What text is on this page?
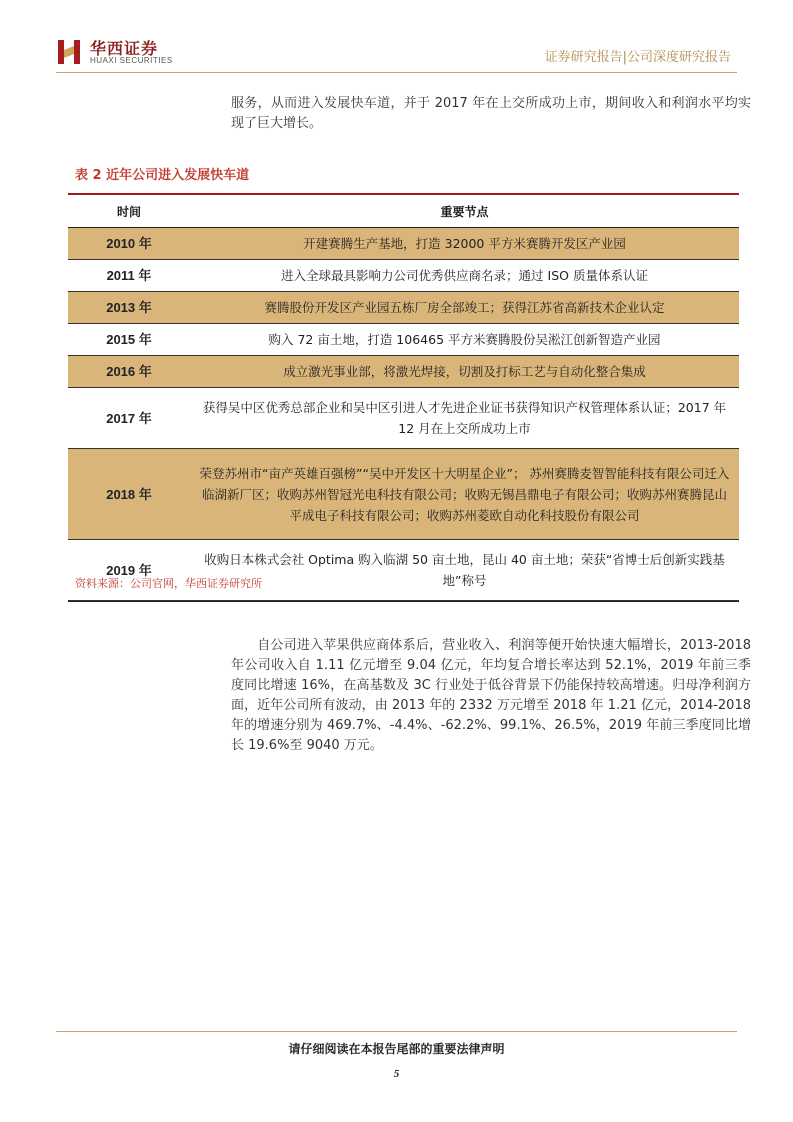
华西证券
HUAXI SECURITIES	证券研究报告|公司深度研究报告
服务，从而进入发展快车道，并于 2017 年在上交所成功上市，期间收入和利润水平均实现了巨大增长。
表 2 近年公司进入发展快车道
时间	重要节点
2010 年	开建赛腾生产基地，打造 32000 平方米赛腾开发区产业园
2011 年	进入全球最具影响力公司优秀供应商名录；通过 ISO 质量体系认证
2013 年	赛腾股份开发区产业园五栋厂房全部竣工；获得江苏省高新技术企业认定
2015 年	购入 72 亩土地，打造 106465 平方米赛腾股份吴淞江创新智造产业园
2016 年	成立激光事业部，将激光焊接，切割及打标工艺与自动化整合集成
2017 年	获得吴中区优秀总部企业和吴中区引进人才先进企业证书获得知识产权管理体系认证；2017 年 12 月在上交所成功上市
2018 年	荣登苏州市“亩产英雄百强榜”“吴中开发区十大明星企业”； 苏州赛腾麦智智能科技有限公司迁入临湖新厂区；收购苏州智冠光电科技有限公司；收购无锡昌鼎电子有限公司；收购苏州赛腾昆山平成电子科技有限公司；收购苏州菱欧自动化科技股份有限公司
2019 年	收购日本株式会社 Optima 购入临湖 50 亩土地，昆山 40 亩土地；荣获“省博士后创新实践基地”称号
资料来源：公司官网，华西证券研究所
自公司进入苹果供应商体系后，营业收入、利润等便开始快速大幅增长，2013-2018 年公司收入自 1.11 亿元增至 9.04 亿元，年均复合增长率达到 52.1%，2019 年前三季度同比增速 16%，在高基数及 3C 行业处于低谷背景下仍能保持较高增速。归母净利润方面，近年公司所有波动，由 2013 年的 2332 万元增至 2018 年 1.21 亿元，2014-2018 年的增速分别为 469.7%、-4.4%、-62.2%、99.1%、26.5%，2019 年前三季度同比增长 19.6%至 9040 万元。
请仔细阅读在本报告尾部的重要法律声明
5
